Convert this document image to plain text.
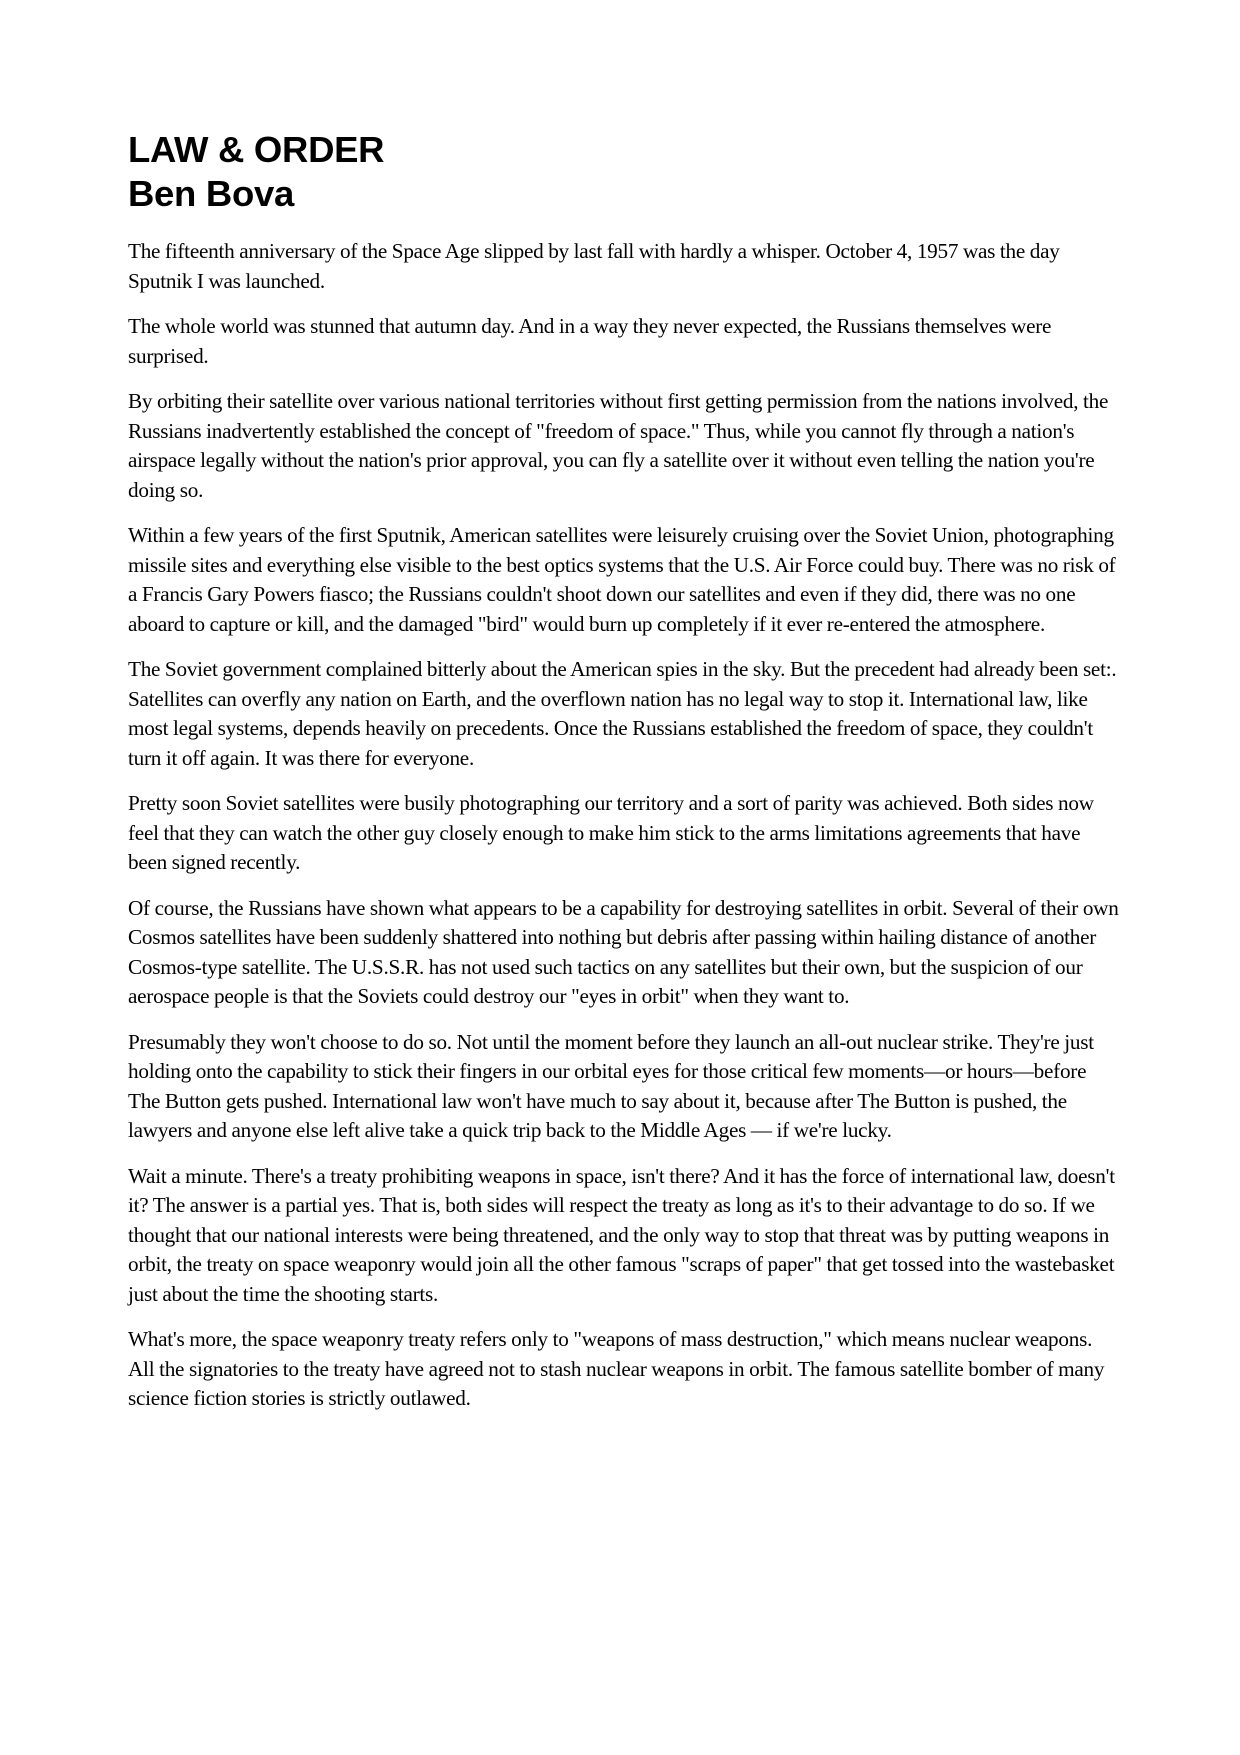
LAW & ORDER
Ben Bova

The fifteenth anniversary of the Space Age slipped by last fall with hardly a whisper. October 4, 1957 was the day Sputnik I was launched.

The whole world was stunned that autumn day. And in a way they never expected, the Russians themselves were surprised.

By orbiting their satellite over various national territories without first getting permission from the nations involved, the Russians inadvertently established the concept of "freedom of space." Thus, while you cannot fly through a nation's airspace legally without the nation's prior approval, you can fly a satellite over it without even telling the nation you're doing so.

Within a few years of the first Sputnik, American satellites were leisurely cruising over the Soviet Union, photographing missile sites and everything else visible to the best optics systems that the U.S. Air Force could buy. There was no risk of a Francis Gary Powers fiasco; the Russians couldn't shoot down our satellites and even if they did, there was no one aboard to capture or kill, and the damaged "bird" would burn up completely if it ever re-entered the atmosphere.

The Soviet government complained bitterly about the American spies in the sky. But the precedent had already been set:. Satellites can overfly any nation on Earth, and the overflown nation has no legal way to stop it. International law, like most legal systems, depends heavily on precedents. Once the Russians established the freedom of space, they couldn't turn it off again. It was there for everyone.

Pretty soon Soviet satellites were busily photographing our territory and a sort of parity was achieved. Both sides now feel that they can watch the other guy closely enough to make him stick to the arms limitations agreements that have been signed recently.

Of course, the Russians have shown what appears to be a capability for destroying satellites in orbit. Several of their own Cosmos satellites have been suddenly shattered into nothing but debris after passing within hailing distance of another Cosmos-type satellite. The U.S.S.R. has not used such tactics on any satellites but their own, but the suspicion of our aerospace people is that the Soviets could destroy our "eyes in orbit" when they want to.

Presumably they won't choose to do so. Not until the moment before they launch an all-out nuclear strike. They're just holding onto the capability to stick their fingers in our orbital eyes for those critical few moments—or hours—before The Button gets pushed. International law won't have much to say about it, because after The Button is pushed, the lawyers and anyone else left alive take a quick trip back to the Middle Ages — if we're lucky.

Wait a minute. There's a treaty prohibiting weapons in space, isn't there? And it has the force of international law, doesn't it? The answer is a partial yes. That is, both sides will respect the treaty as long as it's to their advantage to do so. If we thought that our national interests were being threatened, and the only way to stop that threat was by putting weapons in orbit, the treaty on space weaponry would join all the other famous "scraps of paper" that get tossed into the wastebasket just about the time the shooting starts.

What's more, the space weaponry treaty refers only to "weapons of mass destruction," which means nuclear weapons. All the signatories to the treaty have agreed not to stash nuclear weapons in orbit. The famous satellite bomber of many science fiction stories is strictly outlawed.
